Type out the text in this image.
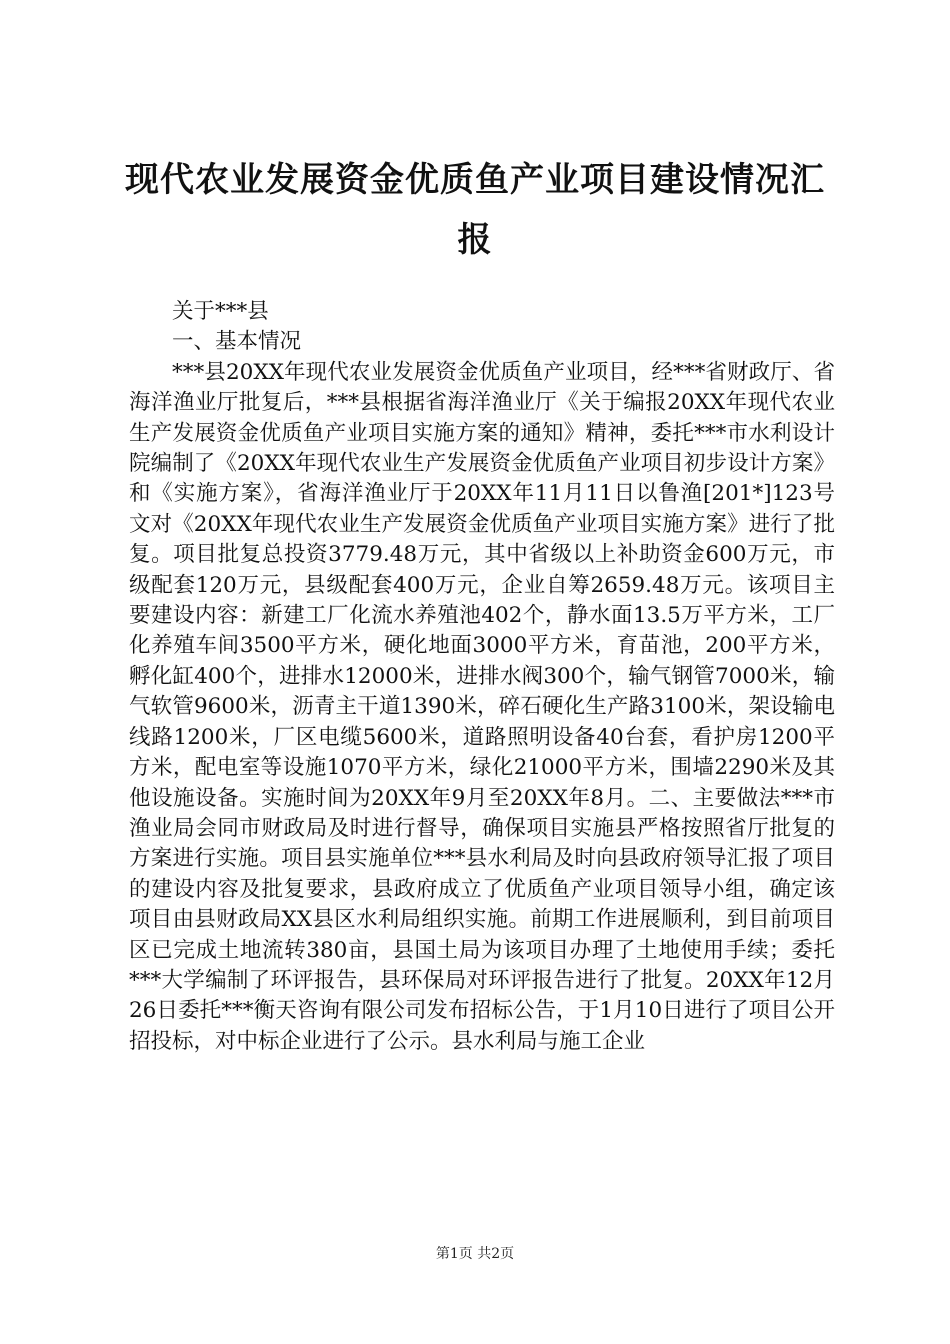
现代农业发展资金优质鱼产业项目建设情况汇报

关于***县

一、基本情况

***县20XX年现代农业发展资金优质鱼产业项目，经***省财政厅、省海洋渔业厅批复后，***县根据省海洋渔业厅《关于编报20XX年现代农业生产发展资金优质鱼产业项目实施方案的通知》精神，委托***市水利设计院编制了《20XX年现代农业生产发展资金优质鱼产业项目初步设计方案》和《实施方案》，省海洋渔业厅于20XX年11月11日以鲁渔[201*]123号文对《20XX年现代农业生产发展资金优质鱼产业项目实施方案》进行了批复。项目批复总投资3779.48万元，其中省级以上补助资金600万元，市级配套120万元，县级配套400万元，企业自筹2659.48万元。该项目主要建设内容：新建工厂化流水养殖池402个，静水面13.5万平方米，工厂化养殖车间3500平方米，硬化地面3000平方米，育苗池，200平方米，孵化缸400个，进排水12000米，进排水阀300个，输气钢管7000米，输气软管9600米，沥青主干道1390米，碎石硬化生产路3100米，架设输电线路1200米，厂区电缆5600米，道路照明设备40台套，看护房1200平方米，配电室等设施1070平方米，绿化21000平方米，围墙2290米及其他设施设备。实施时间为20XX年9月至20XX年8月。二、主要做法***市渔业局会同市财政局及时进行督导，确保项目实施县严格按照省厅批复的方案进行实施。项目县实施单位***县水利局及时向县政府领导汇报了项目的建设内容及批复要求，县政府成立了优质鱼产业项目领导小组，确定该项目由县财政局XX县区水利局组织实施。前期工作进展顺利，到目前项目区已完成土地流转380亩，县国土局为该项目办理了土地使用手续；委托***大学编制了环评报告，县环保局对环评报告进行了批复。20XX年12月26日委托***衡天咨询有限公司发布招标公告，于1月10日进行了项目公开招投标，对中标企业进行了公示。县水利局与施工企业

第1页 共2页
